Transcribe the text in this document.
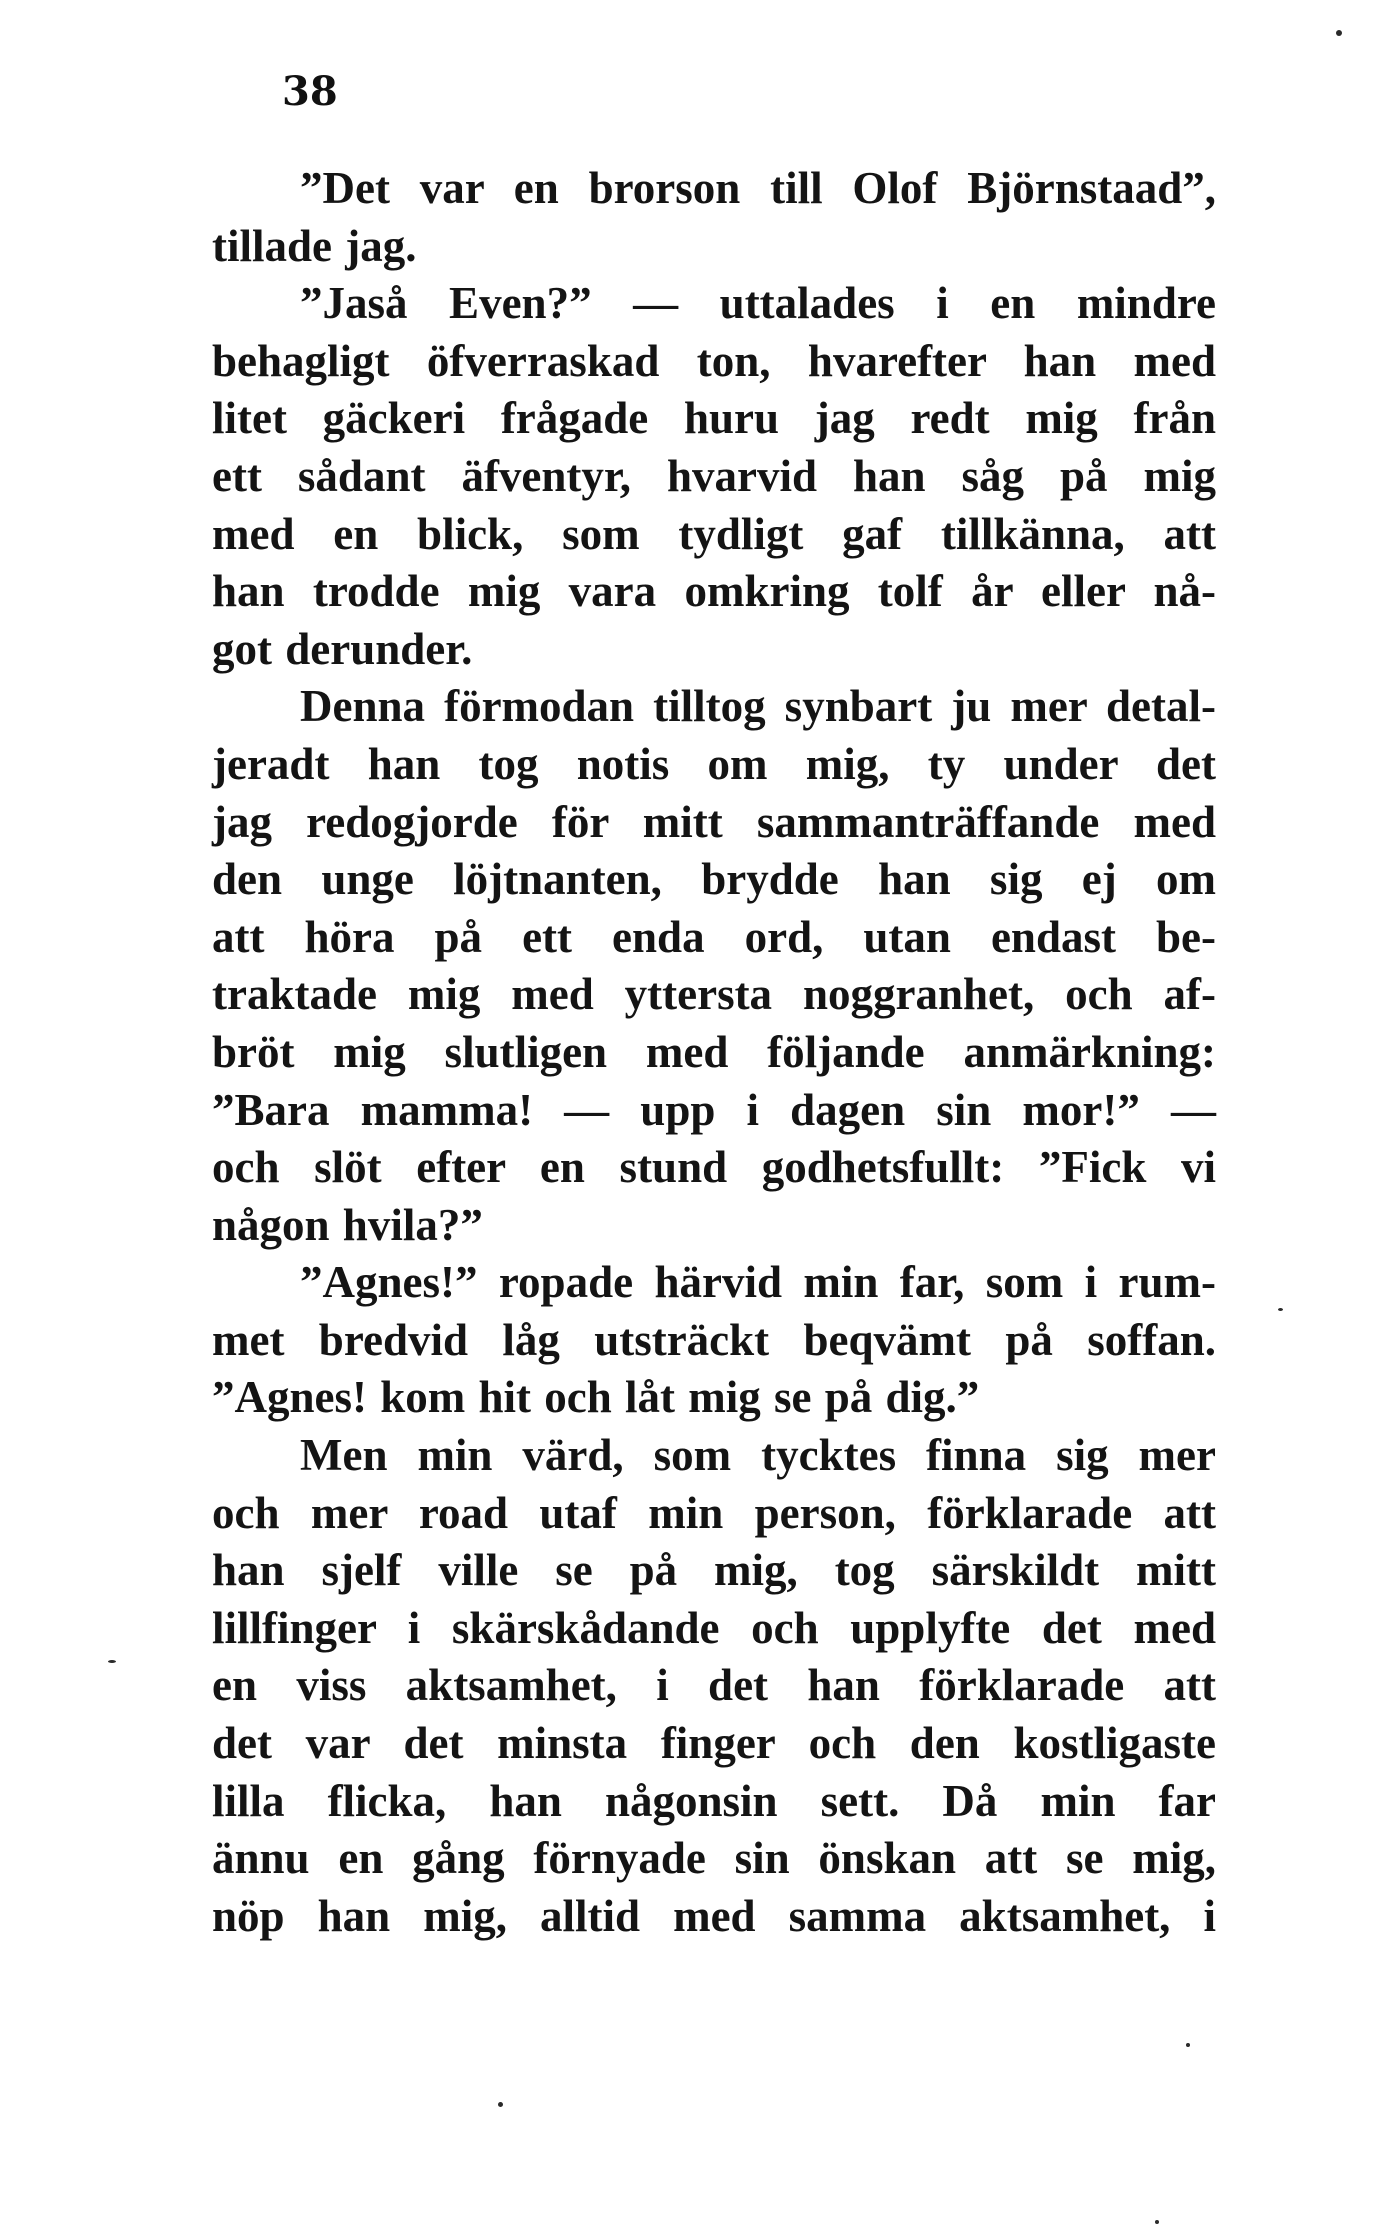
38
”Det var en brorson till Olof Björnstaad”,
tillade jag.
”Jaså Even?” — uttalades i en mindre
behagligt öfverraskad ton, hvarefter han med
litet gäckeri frågade huru jag redt mig från
ett sådant äfventyr, hvarvid han såg på mig
med en blick, som tydligt gaf tillkänna, att
han trodde mig vara omkring tolf år eller nå-
got derunder.
Denna förmodan tilltog synbart ju mer detal-
jeradt han tog notis om mig, ty under det
jag redogjorde för mitt sammanträffande med
den unge löjtnanten, brydde han sig ej om
att höra på ett enda ord, utan endast be-
traktade mig med yttersta noggranhet, och af-
bröt mig slutligen med följande anmärkning:
”Bara mamma! — upp i dagen sin mor!” —
och slöt efter en stund godhetsfullt: ”Fick vi
någon hvila?”
”Agnes!” ropade härvid min far, som i rum-
met bredvid låg utsträckt beqvämt på soffan.
”Agnes! kom hit och låt mig se på dig.”
Men min värd, som tycktes finna sig mer
och mer road utaf min person, förklarade att
han sjelf ville se på mig, tog särskildt mitt
lillfinger i skärskådande och upplyfte det med
en viss aktsamhet, i det han förklarade att
det var det minsta finger och den kostligaste
lilla flicka, han någonsin sett. Då min far
ännu en gång förnyade sin önskan att se mig,
nöp han mig, alltid med samma aktsamhet, i
